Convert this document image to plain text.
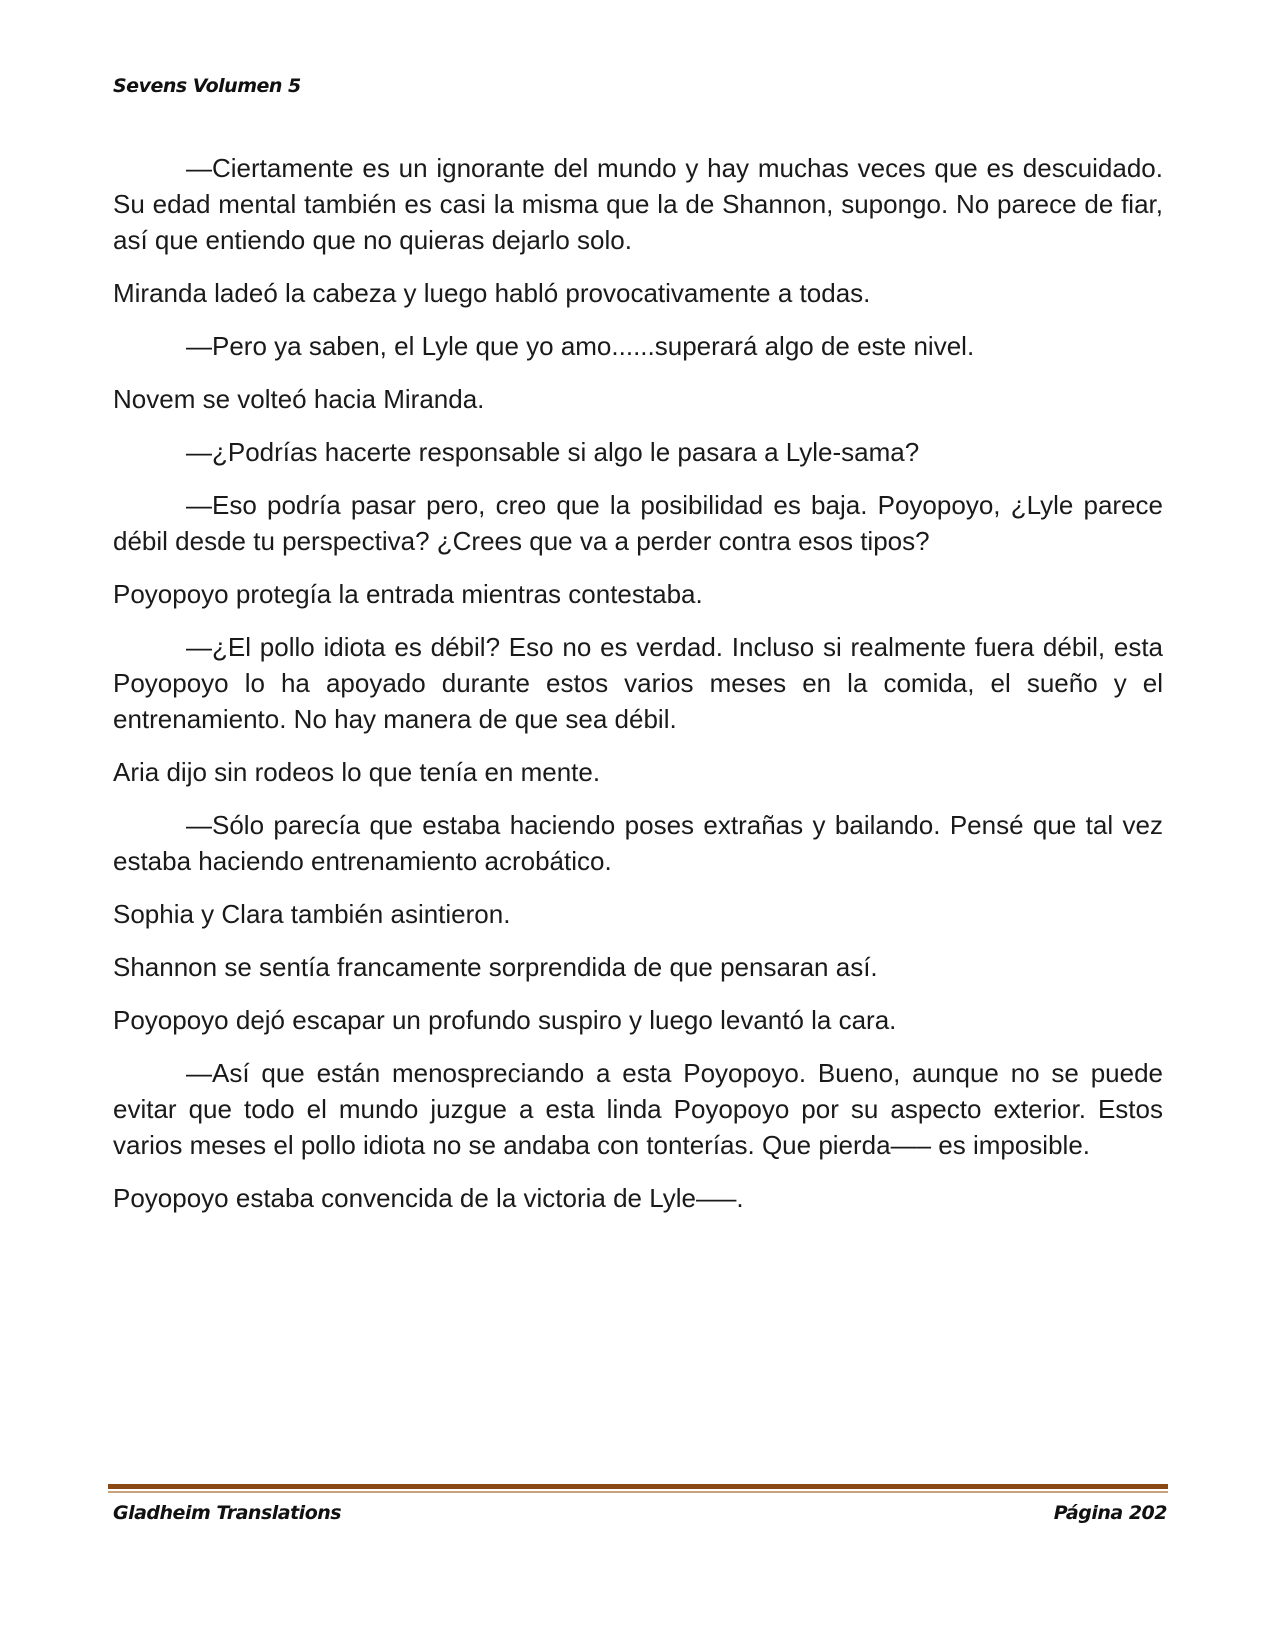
Sevens Volumen 5

—Ciertamente es un ignorante del mundo y hay muchas veces que es descuidado. Su edad mental también es casi la misma que la de Shannon, supongo. No parece de fiar, así que entiendo que no quieras dejarlo solo.

Miranda ladeó la cabeza y luego habló provocativamente a todas.

—Pero ya saben, el Lyle que yo amo......superará algo de este nivel.

Novem se volteó hacia Miranda.

—¿Podrías hacerte responsable si algo le pasara a Lyle-sama?

—Eso podría pasar pero, creo que la posibilidad es baja. Poyopoyo, ¿Lyle parece débil desde tu perspectiva? ¿Crees que va a perder contra esos tipos?

Poyopoyo protegía la entrada mientras contestaba.

—¿El pollo idiota es débil? Eso no es verdad. Incluso si realmente fuera débil, esta Poyopoyo lo ha apoyado durante estos varios meses en la comida, el sueño y el entrenamiento. No hay manera de que sea débil.

Aria dijo sin rodeos lo que tenía en mente.

—Sólo parecía que estaba haciendo poses extrañas y bailando. Pensé que tal vez estaba haciendo entrenamiento acrobático.

Sophia y Clara también asintieron.

Shannon se sentía francamente sorprendida de que pensaran así.

Poyopoyo dejó escapar un profundo suspiro y luego levantó la cara.

—Así que están menospreciando a esta Poyopoyo. Bueno, aunque no se puede evitar que todo el mundo juzgue a esta linda Poyopoyo por su aspecto exterior. Estos varios meses el pollo idiota no se andaba con tonterías. Que pierda—– es imposible.

Poyopoyo estaba convencida de la victoria de Lyle—–.

Gladheim Translations	Página 202
